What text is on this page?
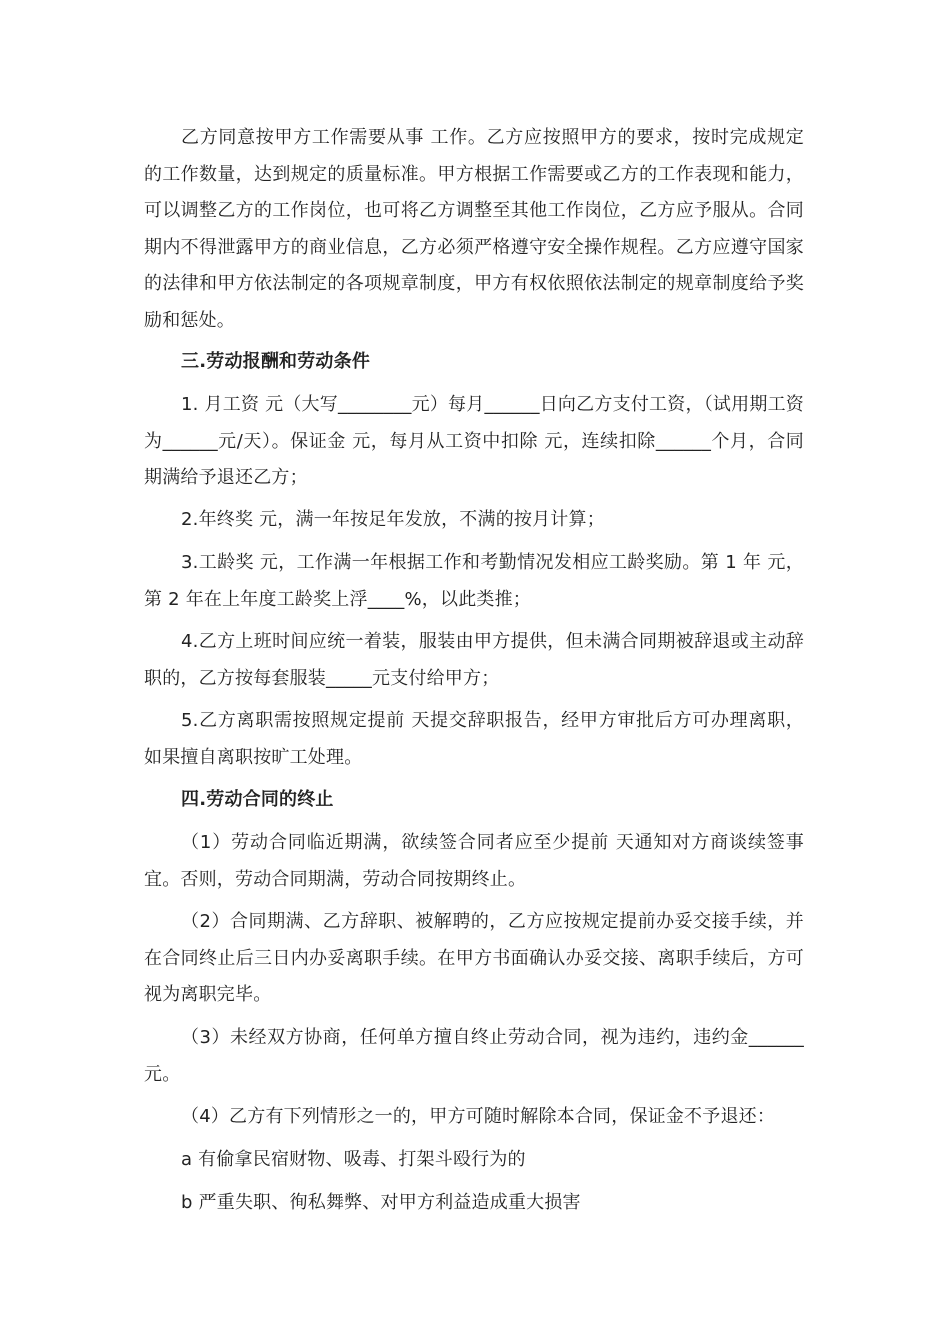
乙方同意按甲方工作需要从事 工作。乙方应按照甲方的要求，按时完成规定的工作数量，达到规定的质量标准。甲方根据工作需要或乙方的工作表现和能力，可以调整乙方的工作岗位，也可将乙方调整至其他工作岗位，乙方应予服从。合同期内不得泄露甲方的商业信息，乙方必须严格遵守安全操作规程。乙方应遵守国家的法律和甲方依法制定的各项规章制度，甲方有权依照依法制定的规章制度给予奖励和惩处。

三.劳动报酬和劳动条件

1. 月工资 元（大写________元）每月______日向乙方支付工资，（试用期工资为______元/天）。保证金 元，每月从工资中扣除 元，连续扣除______个月，合同期满给予退还乙方；

2.年终奖 元，满一年按足年发放，不满的按月计算；

3.工龄奖 元，工作满一年根据工作和考勤情况发相应工龄奖励。第 1 年 元，第 2 年在上年度工龄奖上浮____%，以此类推；

4.乙方上班时间应统一着装，服装由甲方提供，但未满合同期被辞退或主动辞职的，乙方按每套服装_____元支付给甲方；

5.乙方离职需按照规定提前 天提交辞职报告，经甲方审批后方可办理离职，如果擅自离职按旷工处理。

四.劳动合同的终止

（1）劳动合同临近期满，欲续签合同者应至少提前 天通知对方商谈续签事宜。否则，劳动合同期满，劳动合同按期终止。

（2）合同期满、乙方辞职、被解聘的，乙方应按规定提前办妥交接手续，并在合同终止后三日内办妥离职手续。在甲方书面确认办妥交接、离职手续后，方可视为离职完毕。

（3）未经双方协商，任何单方擅自终止劳动合同，视为违约，违约金______元。

（4）乙方有下列情形之一的，甲方可随时解除本合同，保证金不予退还：

a 有偷拿民宿财物、吸毒、打架斗殴行为的

b 严重失职、徇私舞弊、对甲方利益造成重大损害
